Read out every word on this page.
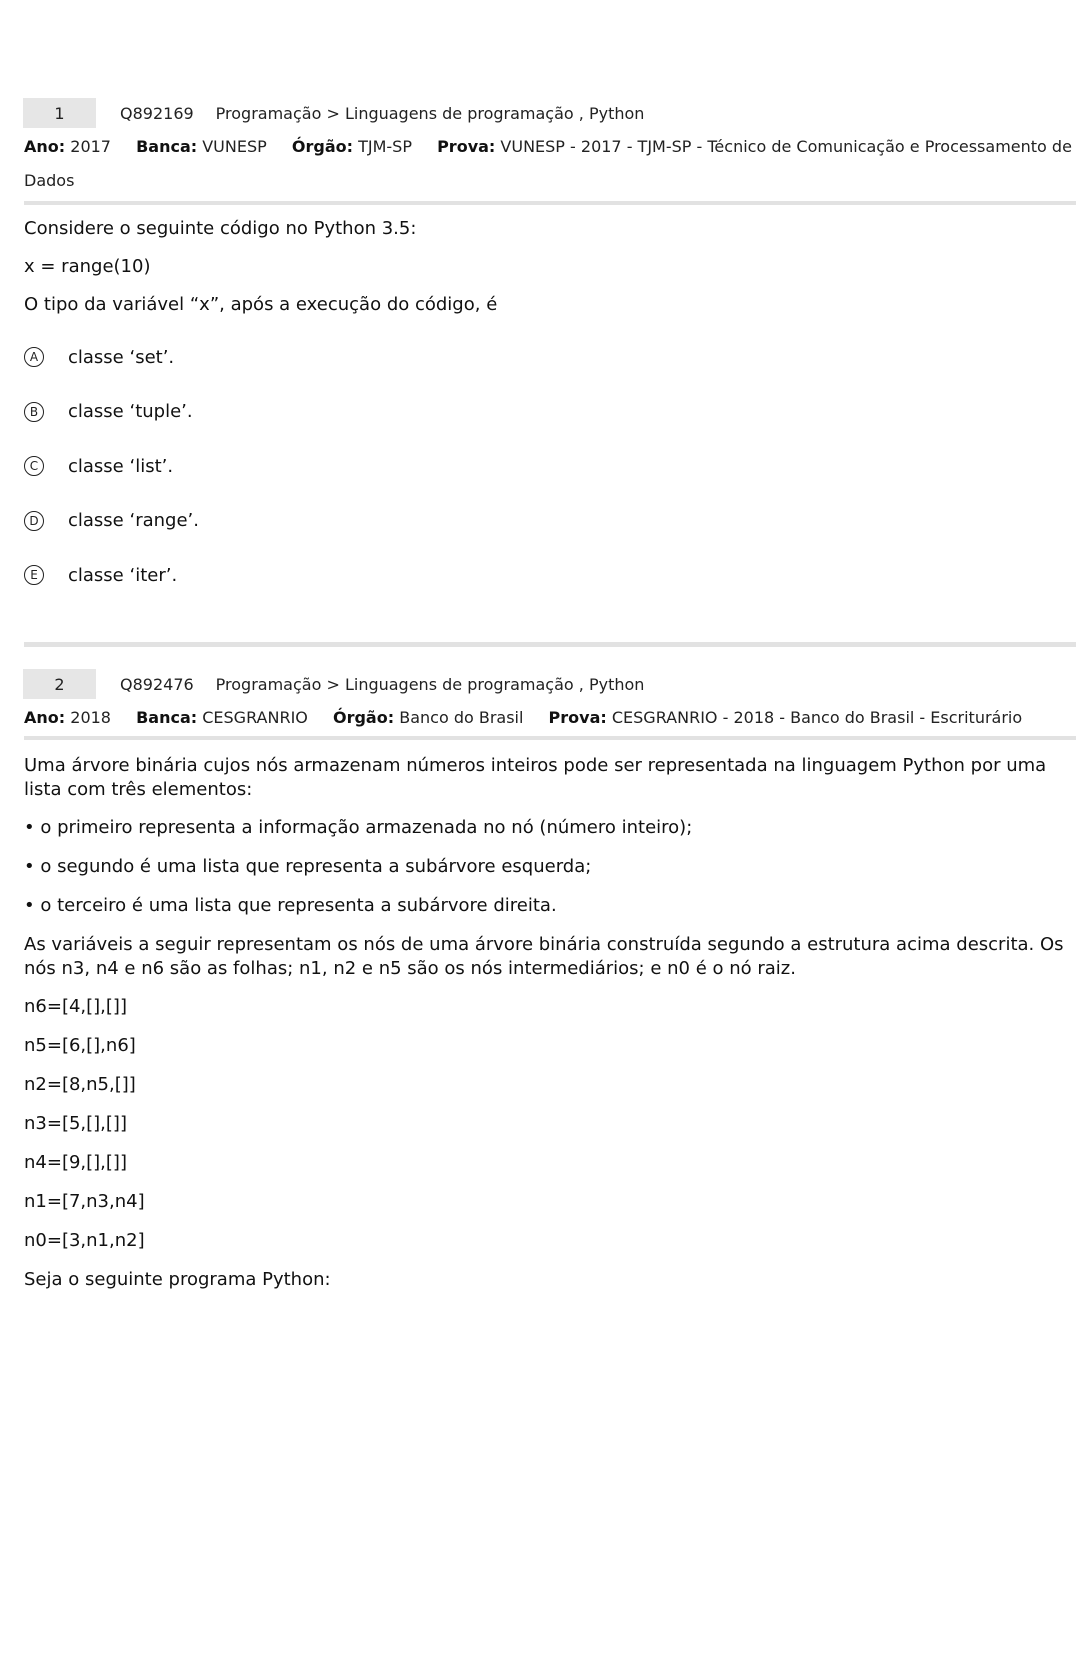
1	Q892169 Programação > Linguagens de programação , Python
Ano: 2017 Banca: VUNESP Órgão: TJM-SP Prova: VUNESP - 2017 - TJM-SP - Técnico de Comunicação e Processamento de
Dados

Considere o seguinte código no Python 3.5:

x = range(10)

O tipo da variável “x”, após a execução do código, é

A	classe ‘set’.
B	classe ‘tuple’.
C	classe ‘list’.
D classe ‘range’.
E	classe ‘iter’.
2	Q892476 Programação > Linguagens de programação , Python
Ano: 2018 Banca: CESGRANRIO Órgão: Banco do Brasil Prova: CESGRANRIO - 2018 - Banco do Brasil - Escriturário

Uma árvore binária cujos nós armazenam números inteiros pode ser representada na linguagem Python por uma lista com três elementos:

• o primeiro representa a informação armazenada no nó (número inteiro);

• o segundo é uma lista que representa a subárvore esquerda;

• o terceiro é uma lista que representa a subárvore direita.

As variáveis a seguir representam os nós de uma árvore binária construída segundo a estrutura acima descrita. Os nós n3, n4 e n6 são as folhas; n1, n2 e n5 são os nós intermediários; e n0 é o nó raiz.

n6=[4,[],[]]

n5=[6,[],n6]

n2=[8,n5,[]]

n3=[5,[],[]]

n4=[9,[],[]]

n1=[7,n3,n4]

n0=[3,n1,n2]

Seja o seguinte programa Python:
